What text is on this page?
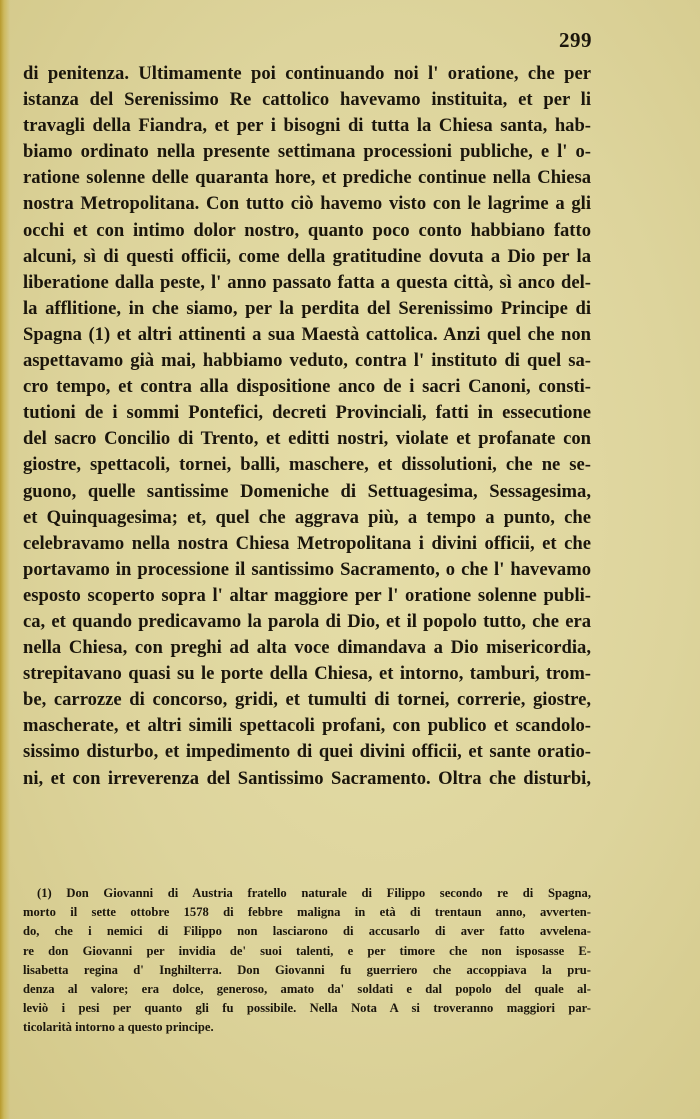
299
di penitenza. Ultimamente poi continuando noi l' oratione, che per
istanza del Serenissimo Re cattolico havevamo instituita, et per li
travagli della Fiandra, et per i bisogni di tutta la Chiesa santa, hab-
biamo ordinato nella presente settimana processioni publiche, e l' o-
ratione solenne delle quaranta hore, et prediche continue nella Chiesa
nostra Metropolitana. Con tutto ciò havemo visto con le lagrime a gli
occhi et con intimo dolor nostro, quanto poco conto habbiano fatto
alcuni, sì di questi officii, come della gratitudine dovuta a Dio per la
liberatione dalla peste, l' anno passato fatta a questa città, sì anco del-
la afflitione, in che siamo, per la perdita del Serenissimo Principe di
Spagna (1) et altri attinenti a sua Maestà cattolica. Anzi quel che non
aspettavamo già mai, habbiamo veduto, contra l' instituto di quel sa-
cro tempo, et contra alla dispositione anco de i sacri Canoni, consti-
tutioni de i sommi Pontefici, decreti Provinciali, fatti in essecutione
del sacro Concilio di Trento, et editti nostri, violate et profanate con
giostre, spettacoli, tornei, balli, maschere, et dissolutioni, che ne se-
guono, quelle santissime Domeniche di Settuagesima, Sessagesima,
et Quinquagesima; et, quel che aggrava più, a tempo a punto, che
celebravamo nella nostra Chiesa Metropolitana i divini officii, et che
portavamo in processione il santissimo Sacramento, o che l' havevamo
esposto scoperto sopra l' altar maggiore per l' oratione solenne publi-
ca, et quando predicavamo la parola di Dio, et il popolo tutto, che era
nella Chiesa, con preghi ad alta voce dimandava a Dio misericordia,
strepitavano quasi su le porte della Chiesa, et intorno, tamburi, trom-
be, carrozze di concorso, gridi, et tumulti di tornei, correrie, giostre,
mascherate, et altri simili spettacoli profani, con publico et scandolo-
sissimo disturbo, et impedimento di quei divini officii, et sante oratio-
ni, et con irreverenza del Santissimo Sacramento. Oltra che disturbi,
(1) Don Giovanni di Austria fratello naturale di Filippo secondo re di Spagna,
morto il sette ottobre 1578 di febbre maligna in età di trentaun anno, avverten-
do, che i nemici di Filippo non lasciarono di accusarlo di aver fatto avvelena-
re don Giovanni per invidia de' suoi talenti, e per timore che non isposasse E-
lisabetta regina d' Inghilterra. Don Giovanni fu guerriero che accoppiava la pru-
denza al valore; era dolce, generoso, amato da' soldati e dal popolo del quale al-
leviò i pesi per quanto gli fu possibile. Nella Nota A si troveranno maggiori par-
ticolarità intorno a questo principe.
